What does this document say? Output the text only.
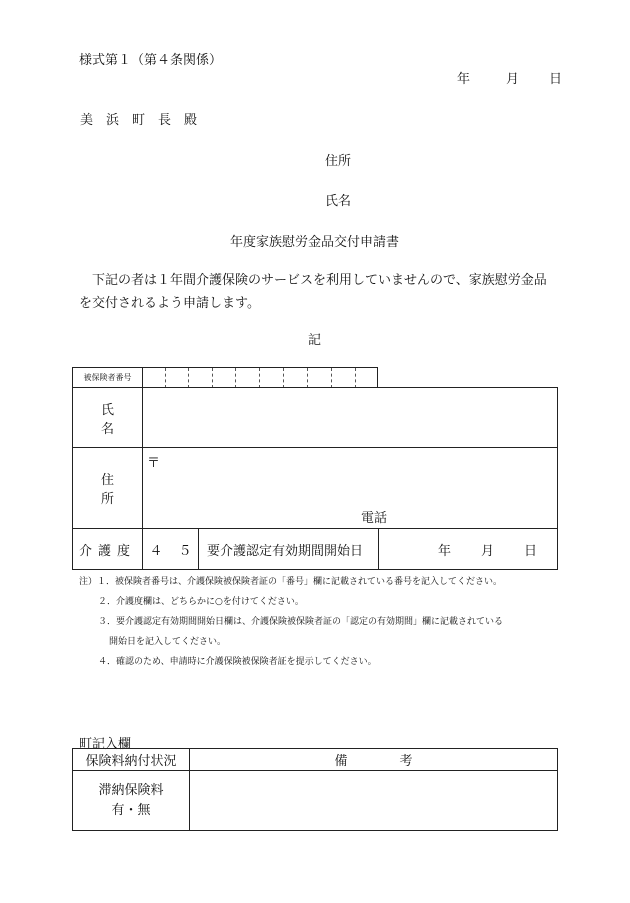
様式第１（第４条関係）
年	月 日
美浜町長殿
住所
氏名
年度家族慰労金品交付申請書
下記の者は１年間介護保険のサービスを利用していませんので、家族慰労金品を交付されるよう申請します。
記
被保険者番号
氏名			
住所	〒
電話		

介護度	４ ５	要介護認定有効期間開始日	年 月 日
注）１．被保険者番号は、介護保険被保険者証の「番号」欄に記載されている番号を記入してください。
２．介護度欄は、どちらかに○を付けてください。
３．要介護認定有効期間開始日欄は、介護保険被保険者証の「認定の有効期間」欄に記載されている
開始日を記入してください。
４．確認のため、申請時に介護保険被保険者証を提示してください。
町記入欄
保険料納付状況	備　　　　考

滞納保険料
有・無	
